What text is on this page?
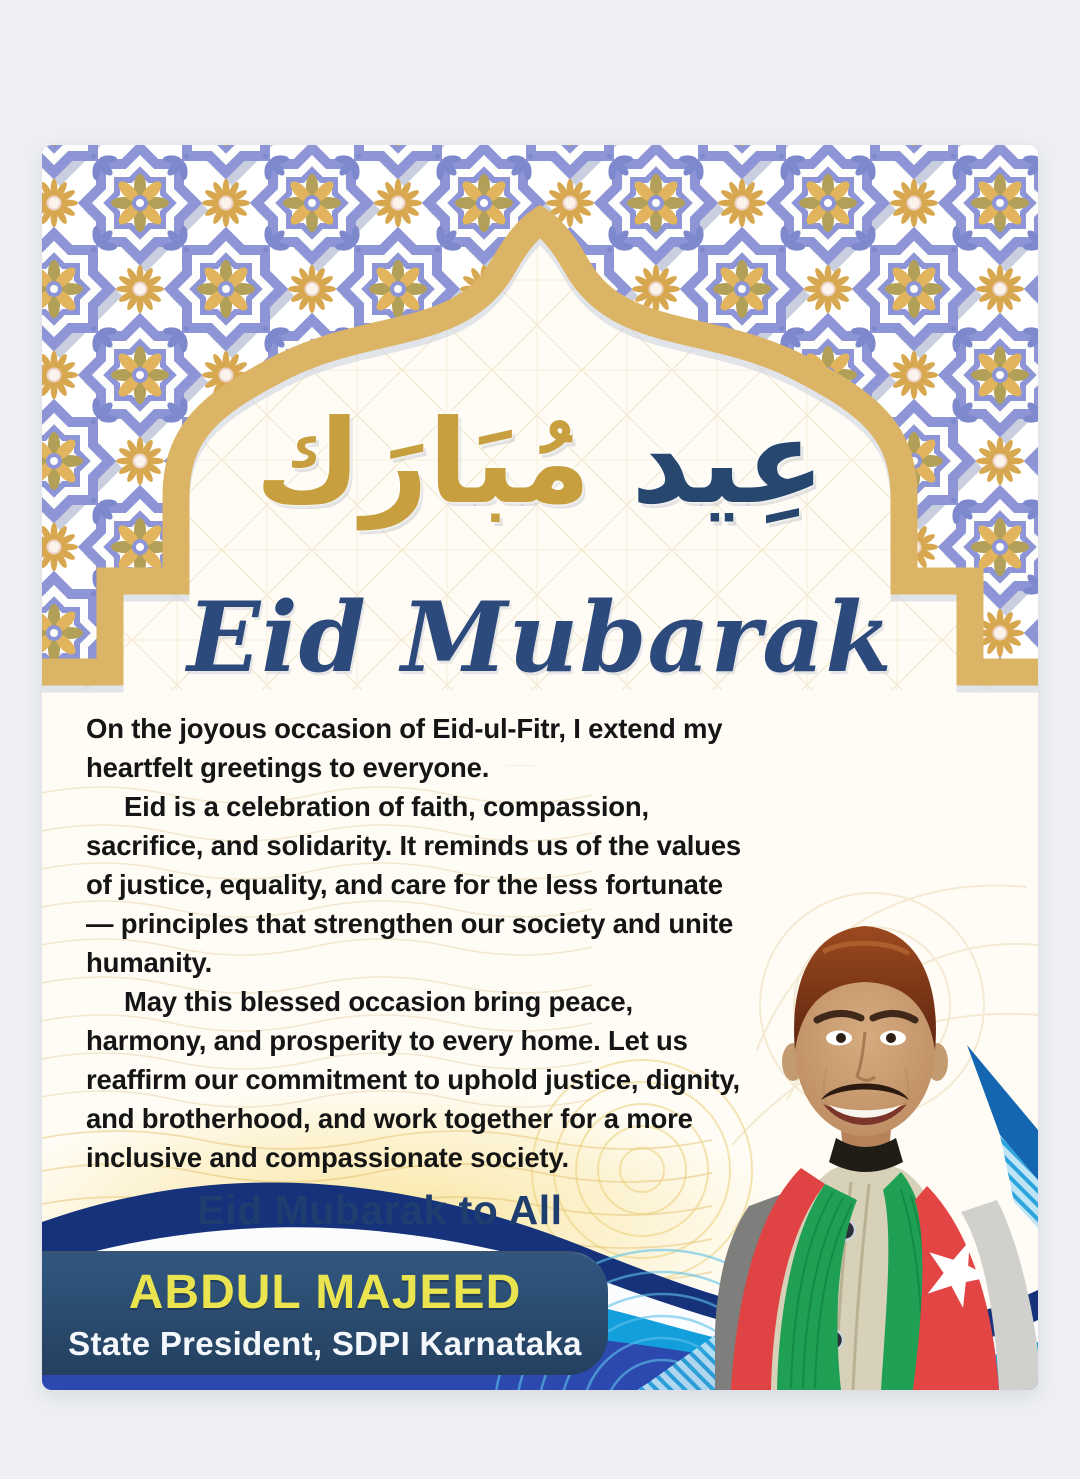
عِيد مُبَارَك
Eid Mubarak

On the joyous occasion of Eid-ul-Fitr, I extend my heartfelt greetings to everyone.

Eid is a celebration of faith, compassion, sacrifice, and solidarity. It reminds us of the values of justice, equality, and care for the less fortunate — principles that strengthen our society and unite humanity.

May this blessed occasion bring peace, harmony, and prosperity to every home. Let us reaffirm our commitment to uphold justice, dignity, and brotherhood, and work together for a more inclusive and compassionate society.

Eid Mubarak to All
ABDUL MAJEED
State President, SDPI Karnataka
